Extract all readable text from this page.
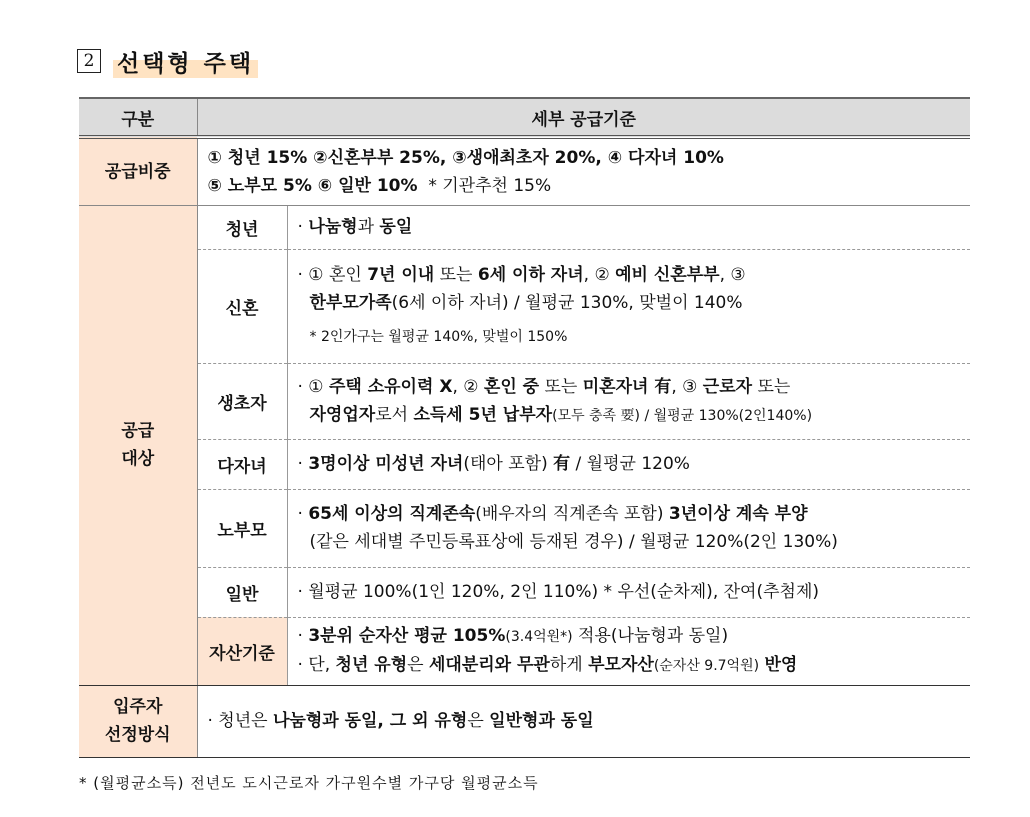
2 선택형 주택
구분	세부 공급기준	
공급비중	① 청년 15% ②신혼부부 25%, ③생애최초자 20%, ④ 다자녀 10%
⑤ 노부모 5% ⑥ 일반 10% * 기관추천 15%	

공급
대상	청년	· 나눔형과 동일
	신혼	· ① 혼인 7년 이내 또는 6세 이하 자녀, ② 예비 신혼부부, ③
한부모가족(6세 이하 자녀) / 월평균 130%, 맞벌이 140%
* 2인가구는 월평균 140%, 맞벌이 150%

	생초자	· ① 주택 소유이력 X, ② 혼인 중 또는 미혼자녀 有, ③ 근로자 또는
자영업자로서 소득세 5년 납부자(모두 충족 要) / 월평균 130%(2인140%)

	다자녀	· 3명이상 미성년 자녀(태아 포함) 有 / 월평균 120%
	노부모	· 65세 이상의 직계존속(배우자의 직계존속 포함) 3년이상 계속 부양
(같은 세대별 주민등록표상에 등재된 경우) / 월평균 120%(2인 130%)

	일반	· 월평균 100%(1인 120%, 2인 110%) * 우선(순차제), 잔여(추첨제)
	자산기준	· 3분위 순자산 평균 105%(3.4억원*) 적용(나눔형과 동일)
· 단, 청년 유형은 세대분리와 무관하게 부모자산(순자산 9.7억원) 반영

입주자
선정방식	· 청년은 나눔형과 동일, 그 외 유형은 일반형과 동일	
* (월평균소득) 전년도 도시근로자 가구원수별 가구당 월평균소득
